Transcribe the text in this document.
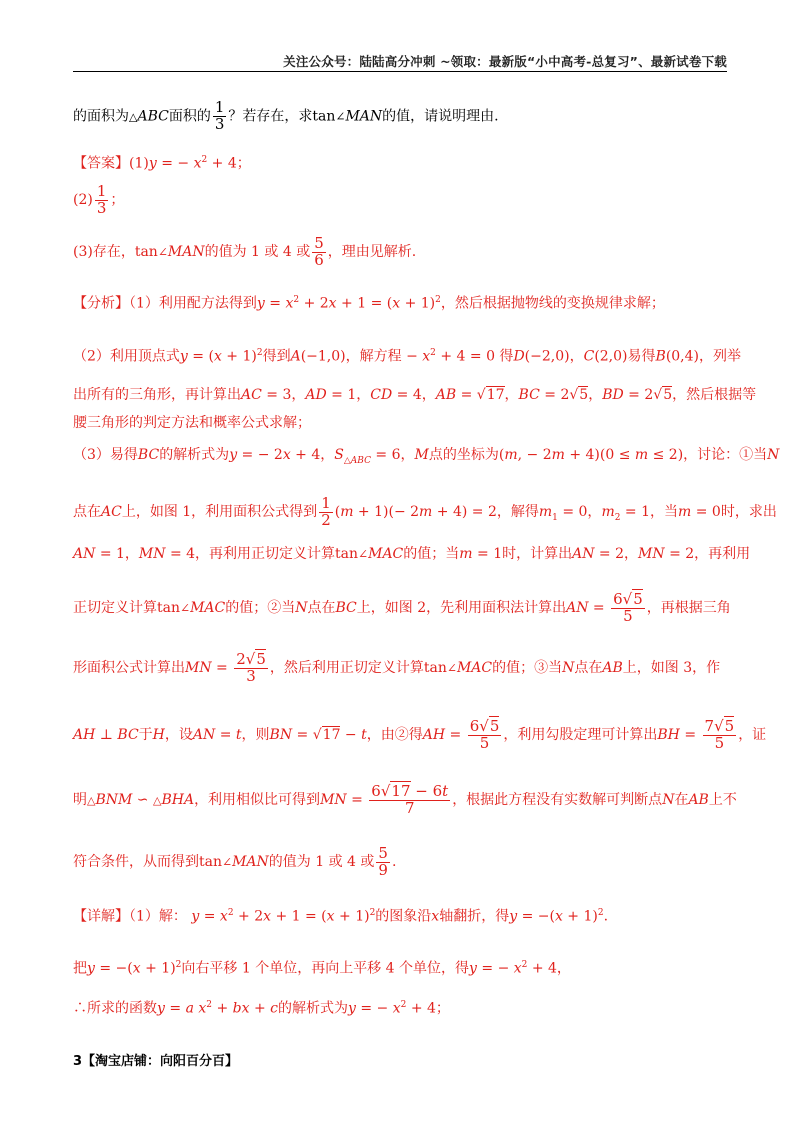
关注公众号：陆陆高分冲刺 ~领取：最新版“小中高考-总复习”、最新试卷下载
的面积为△ABC面积的 $\frac{1}{3}$ ？若存在，求tan∠MAN的值，请说明理由.
【答案】(1)y = − $x^2 + 4$；
$(2) \frac{1}{3}$ ；
(3)存在，tan∠MAN的值为 1 或 4 或 $\frac{5}{6}$ ，理由见解析.
【分析】（1）利用配方法得到$y = x^2 + 2x + 1 = (x + 1)^2$，然后根据抛物线的变换规律求解；
（2）利用顶点式$y = (x + 1)^2$得到A(−1,0)，解方程 − $x^2 + 4 = 0$ 得D(−2,0)，C(2,0)易得B(0,4)，列举
出所有的三角形，再计算出AC = 3，AD = 1，CD = 4，AB = √17，BC = 2√5，BD = 2√5，然后根据等
腰三角形的判定方法和概率公式求解；
（3）易得BC的解析式为y = − 2x + 4，$S_{\triangle ABC} = 6$，M点的坐标为(m, − 2m + 4)(0 ≤ m ≤ 2)，讨论：①当N
点在AC上，如图 1，利用面积公式得到 $\frac{1}{2} (m + 1)(- 2m + 4) = 2$，解得$m_1 = 0$，$m_2 = 1$，当m = 0时，求出
AN = 1，MN = 4，再利用正切定义计算tan∠MAC的值；当m = 1时，计算出AN = 2，MN = 2，再利用
正切定义计算tan∠MAC的值；②当N点在BC上，如图 2，先利用面积法计算出AN = $\frac{6√5}{5}$ ，再根据三角
形面积公式计算出MN = $\frac{2√5}{3}$ ，然后利用正切定义计算tan∠MAC的值；③当N点在AB上，如图 3，作
AH ⊥ BC于H，设AN = t，则BN = √17 − t，由②得AH = $\frac{6√5}{5}$ ，利用勾股定理可计算出BH = $\frac{7√5}{5}$ ，证
明△BNM ∽ △BHA，利用相似比可得到MN = $\frac{6√17 - 6t}{7}$ ，根据此方程没有实数解可判断点N在AB上不
符合条件，从而得到tan∠MAN的值为 1 或 4 或 $\frac{5}{9}$ .
【详解】（1）解： $y = x^2 + 2x + 1 = (x + 1)^2$的图象沿x轴翻折，得$y = -(x + 1)^2$.
把$y = -(x + 1)^2$向右平移 1 个单位，再向上平移 4 个单位，得y = − $x^2 + 4$，
∴所求的函数y = a $x^2$ + bx + c的解析式为y = − $x^2 + 4$；
3【淘宝店铺：向阳百分百】
